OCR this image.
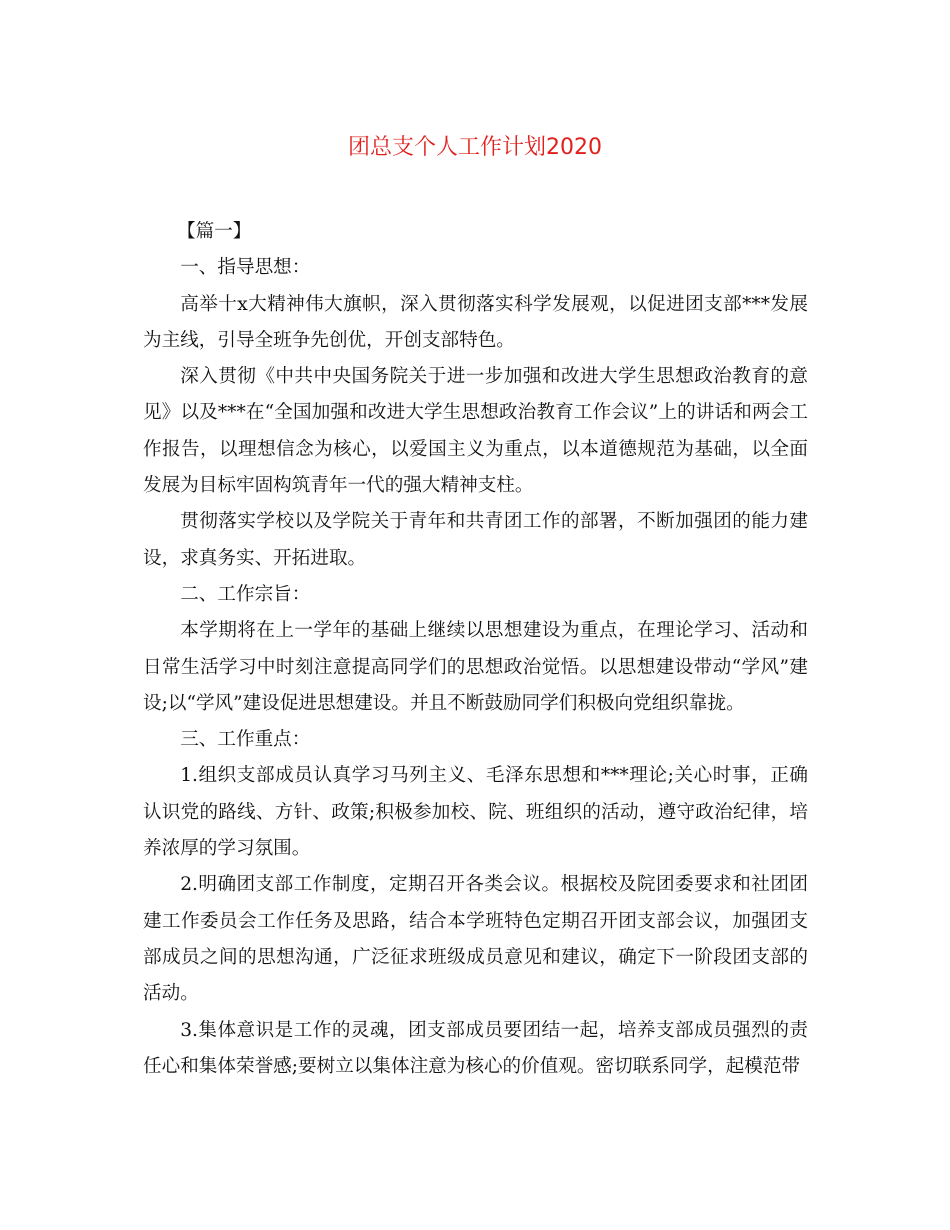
团总支个人工作计划2020

【篇一】

一、指导思想：

高举十x大精神伟大旗帜，深入贯彻落实科学发展观，以促进团支部***发展为主线，引导全班争先创优，开创支部特色。

深入贯彻《中共中央国务院关于进一步加强和改进大学生思想政治教育的意见》以及***在“全国加强和改进大学生思想政治教育工作会议”上的讲话和两会工作报告，以理想信念为核心，以爱国主义为重点，以本道德规范为基础，以全面发展为目标牢固构筑青年一代的强大精神支柱。

贯彻落实学校以及学院关于青年和共青团工作的部署，不断加强团的能力建设，求真务实、开拓进取。

二、工作宗旨：

本学期将在上一学年的基础上继续以思想建设为重点，在理论学习、活动和日常生活学习中时刻注意提高同学们的思想政治觉悟。以思想建设带动“学风”建设;以“学风”建设促进思想建设。并且不断鼓励同学们积极向党组织靠拢。

三、工作重点：

1.组织支部成员认真学习马列主义、毛泽东思想和***理论;关心时事，正确认识党的路线、方针、政策;积极参加校、院、班组织的活动，遵守政治纪律，培养浓厚的学习氛围。

2.明确团支部工作制度，定期召开各类会议。根据校及院团委要求和社团团建工作委员会工作任务及思路，结合本学班特色定期召开团支部会议，加强团支部成员之间的思想沟通，广泛征求班级成员意见和建议，确定下一阶段团支部的活动。

3.集体意识是工作的灵魂，团支部成员要团结一起，培养支部成员强烈的责任心和集体荣誉感;要树立以集体注意为核心的价值观。密切联系同学，起模范带
